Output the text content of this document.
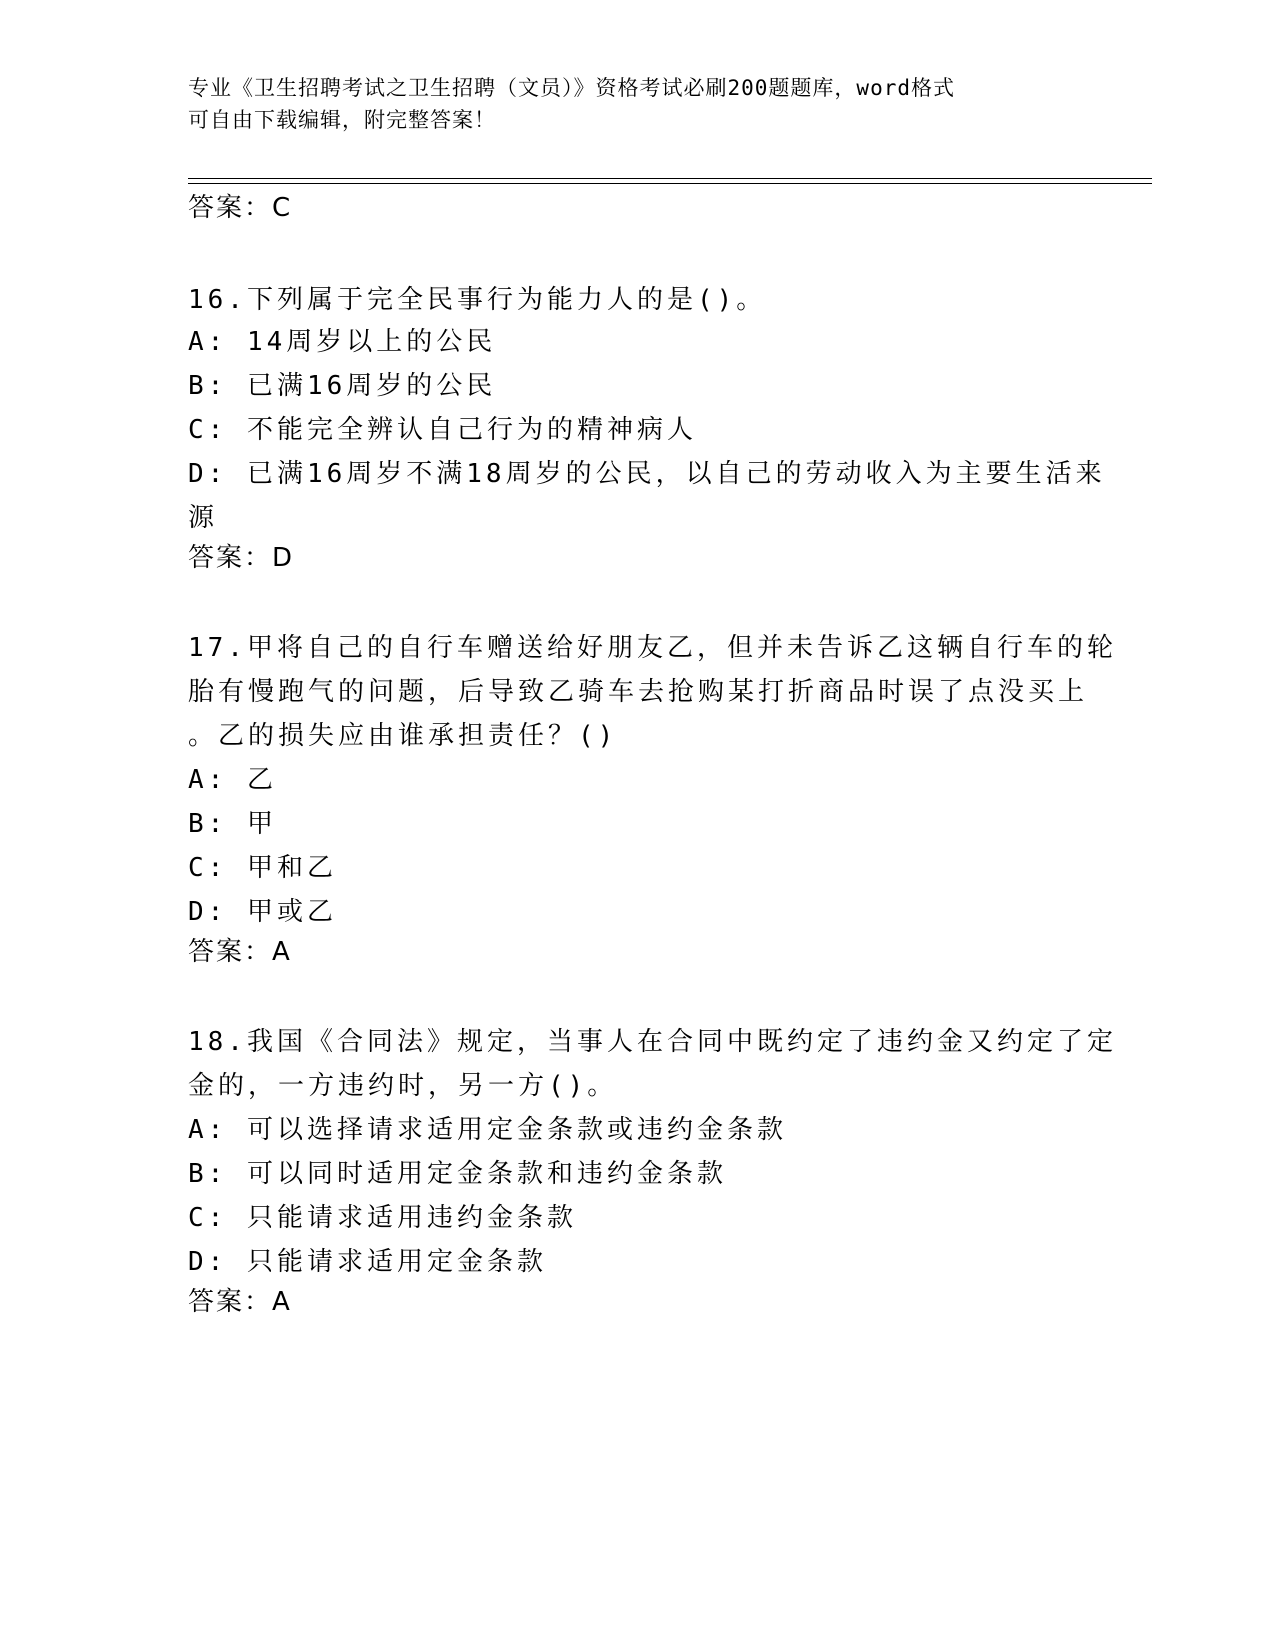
专业《卫生招聘考试之卫生招聘（文员）》资格考试必刷200题题库，word格式
可自由下载编辑，附完整答案！
答案：C
16.下列属于完全民事行为能力人的是()。
A: 14周岁以上的公民
B: 已满16周岁的公民
C: 不能完全辨认自己行为的精神病人
D: 已满16周岁不满18周岁的公民，以自己的劳动收入为主要生活来
源
答案：D
17.甲将自己的自行车赠送给好朋友乙，但并未告诉乙这辆自行车的轮
胎有慢跑气的问题，后导致乙骑车去抢购某打折商品时误了点没买上
。乙的损失应由谁承担责任？()
A: 乙
B: 甲
C: 甲和乙
D: 甲或乙
答案：A
18.我国《合同法》规定，当事人在合同中既约定了违约金又约定了定
金的，一方违约时，另一方()。
A: 可以选择请求适用定金条款或违约金条款
B: 可以同时适用定金条款和违约金条款
C: 只能请求适用违约金条款
D: 只能请求适用定金条款
答案：A
